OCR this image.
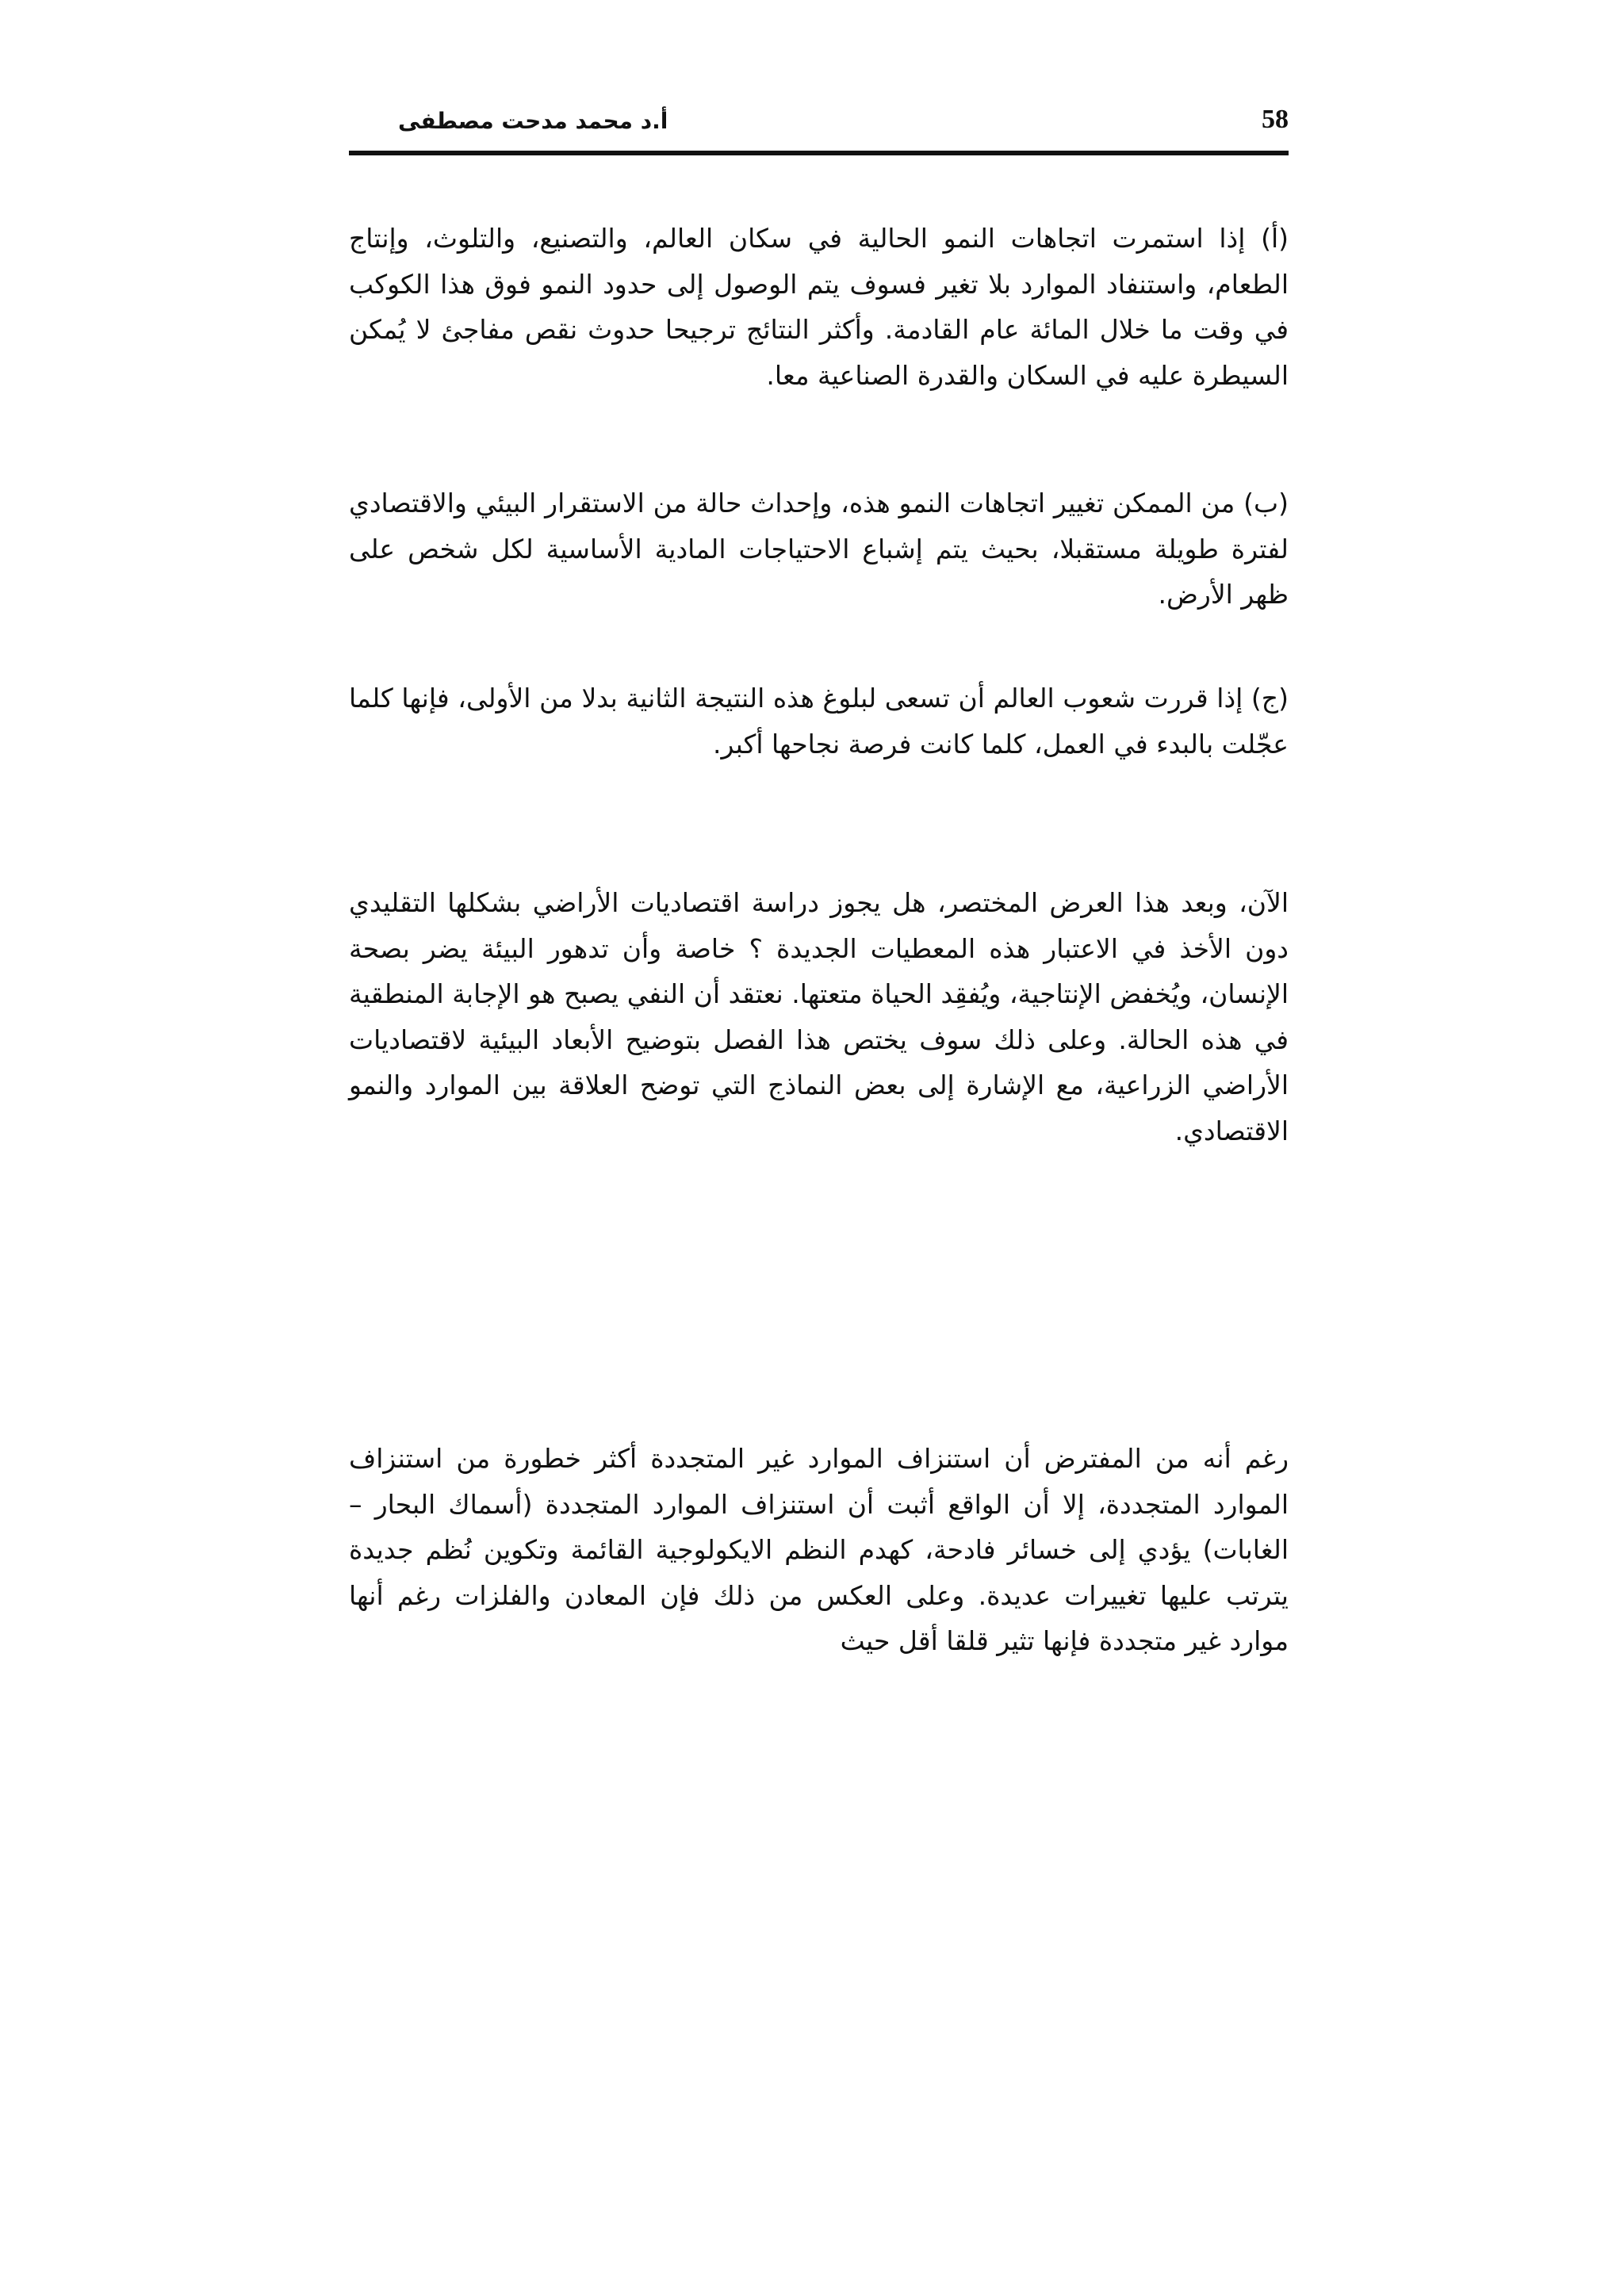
أ.د محمد مدحت مصطفى	58

(أ) إذا استمرت اتجاهات النمو الحالية في سكان العالم، والتصنيع، والتلوث، وإنتاج الطعام، واستنفاد الموارد بلا تغير فسوف يتم الوصول إلى حدود النمو فوق هذا الكوكب في وقت ما خلال المائة عام القادمة. وأكثر النتائج ترجيحا حدوث نقص مفاجئ لا يُمكن السيطرة عليه في السكان والقدرة الصناعية معا.

(ب) من الممكن تغيير اتجاهات النمو هذه، وإحداث حالة من الاستقرار البيئي والاقتصادي لفترة طويلة مستقبلا، بحيث يتم إشباع الاحتياجات المادية الأساسية لكل شخص على ظهر الأرض.

(ج) إذا قررت شعوب العالم أن تسعى لبلوغ هذه النتيجة الثانية بدلا من الأولى، فإنها كلما عجّلت بالبدء في العمل، كلما كانت فرصة نجاحها أكبر.

الآن، وبعد هذا العرض المختصر، هل يجوز دراسة اقتصاديات الأراضي بشكلها التقليدي دون الأخذ في الاعتبار هذه المعطيات الجديدة ؟ خاصة وأن تدهور البيئة يضر بصحة الإنسان، ويُخفض الإنتاجية، ويُفقِد الحياة متعتها. نعتقد أن النفي يصبح هو الإجابة المنطقية في هذه الحالة. وعلى ذلك سوف يختص هذا الفصل بتوضيح الأبعاد البيئية لاقتصاديات الأراضي الزراعية، مع الإشارة إلى بعض النماذج التي توضح العلاقة بين الموارد والنمو الاقتصادي.

رغم أنه من المفترض أن استنزاف الموارد غير المتجددة أكثر خطورة من استنزاف الموارد المتجددة، إلا أن الواقع أثبت أن استنزاف الموارد المتجددة (أسماك البحار – الغابات) يؤدي إلى خسائر فادحة، كهدم النظم الايكولوجية القائمة وتكوين نُظم جديدة يترتب عليها تغييرات عديدة. وعلى العكس من ذلك فإن المعادن والفلزات رغم أنها موارد غير متجددة فإنها تثير قلقا أقل حيث
